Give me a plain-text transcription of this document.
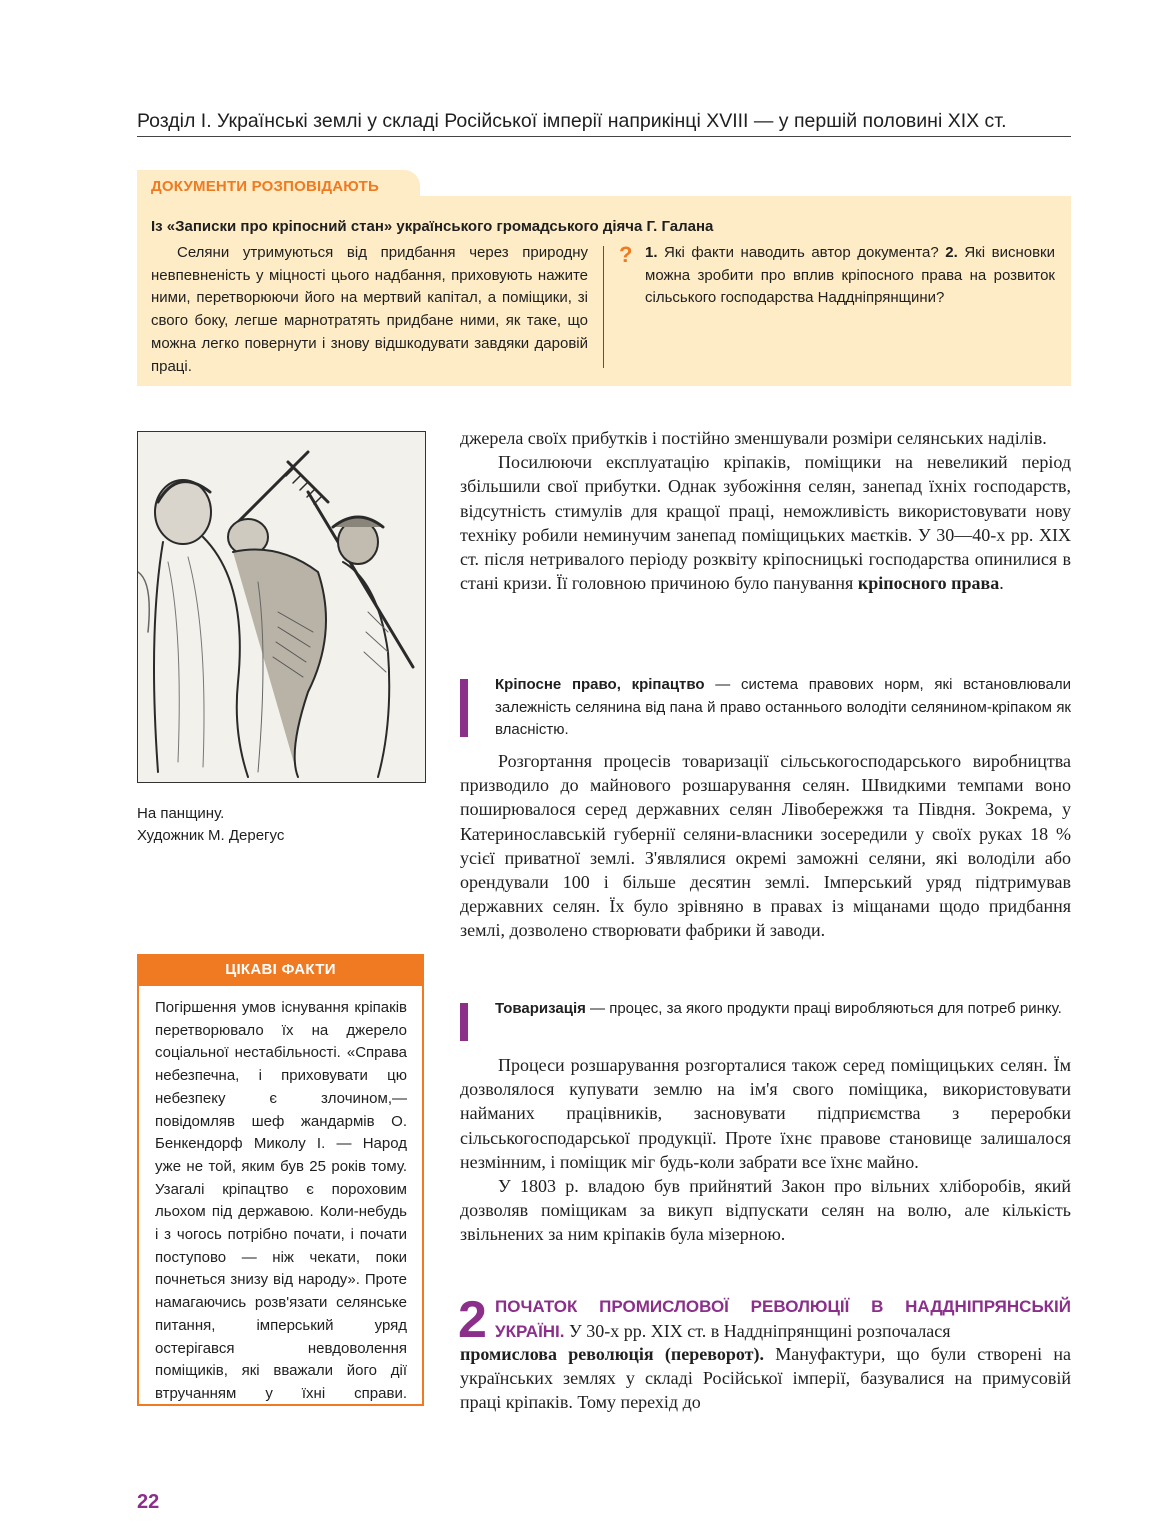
Розділ I. Українські землі у складі Російської імперії наприкінці XVIII — у першій половині XIX ст.
ДОКУМЕНТИ РОЗПОВІДАЮТЬ
Із «Записки про кріпосний стан» українського громадського діяча Г. Галана
Селяни утримуються від придбання через природну невпевненість у міцності цього надбання, приховують нажите ними, перетворюючи його на мертвий капітал, а поміщики, зі свого боку, легше марнотратять придбане ними, як таке, що можна легко повернути і знову відшкодувати завдяки даровій праці.
? 1. Які факти наводить автор документа? 2. Які висновки можна зробити про вплив кріпосного права на розвиток сільського господарства Наддніпрянщини?
На панщину.
Художник М. Дерегус
ЦІКАВІ ФАКТИ
Погіршення умов існування кріпаків перетворювало їх на джерело соціальної нестабільності. «Справа небезпечна, і приховувати цю небезпеку є злочином,— повідомляв шеф жандармів О. Бенкендорф Миколу I. — Народ уже не той, яким був 25 років тому. Узагалі кріпацтво є пороховим льохом під державою. Коли-небудь і з чогось потрібно почати, і почати поступово — ніж чекати, поки почнеться знизу від народу». Проте намагаючись розв'язати селянське питання, імперський уряд остерігався невдоволення поміщиків, які вважали його дії втручанням у їхні справи.

джерела своїх прибутків і постійно зменшували розміри селянських наділів.

Посилюючи експлуатацію кріпаків, поміщики на невеликий період збільшили свої прибутки. Однак зубожіння селян, занепад їхніх господарств, відсутність стимулів для кращої праці, неможливість використовувати нову техніку робили неминучим занепад поміщицьких маєтків. У 30—40-х рр. XIX ст. після нетривалого періоду розквіту кріпосницькі господарства опинилися в стані кризи. Її головною причиною було панування кріпосного права.

Кріпосне право, кріпацтво — система правових норм, які встановлювали залежність селянина від пана й право останнього володіти селянином-кріпаком як власністю.

Розгортання процесів товаризації сільськогосподарського виробництва призводило до майнового розшарування селян. Швидкими темпами воно поширювалося серед державних селян Лівобережжя та Півдня. Зокрема, у Катеринославській губернії селяни-власники зосередили у своїх руках 18 % усієї приватної землі. З'являлися окремі заможні селяни, які володіли або орендували 100 і більше десятин землі. Імперський уряд підтримував державних селян. Їх було зрівняно в правах із міщанами щодо придбання землі, дозволено створювати фабрики й заводи.

Товаризація — процес, за якого продукти праці виробляються для потреб ринку.

Процеси розшарування розгорталися також серед поміщицьких селян. Їм дозволялося купувати землю на ім'я свого поміщика, використовувати найманих працівників, засновувати підприємства з переробки сільськогосподарської продукції. Проте їхнє правове становище залишалося незмінним, і поміщик міг будь-коли забрати все їхнє майно.

У 1803 р. владою був прийнятий Закон про вільних хліборобів, який дозволяв поміщикам за викуп відпускати селян на волю, але кількість звільнених за ним кріпаків була мізерною.

2 ПОЧАТОК ПРОМИСЛОВОЇ РЕВОЛЮЦІЇ В НАДДНІПРЯНСЬКІЙ УКРАЇНІ. У 30-х рр. XIX ст. в Наддніпрянщині розпочалася

промислова революція (переворот). Мануфактури, що були створені на українських землях у складі Російської імперії, базувалися на примусовій праці кріпаків. Тому перехід до

22
